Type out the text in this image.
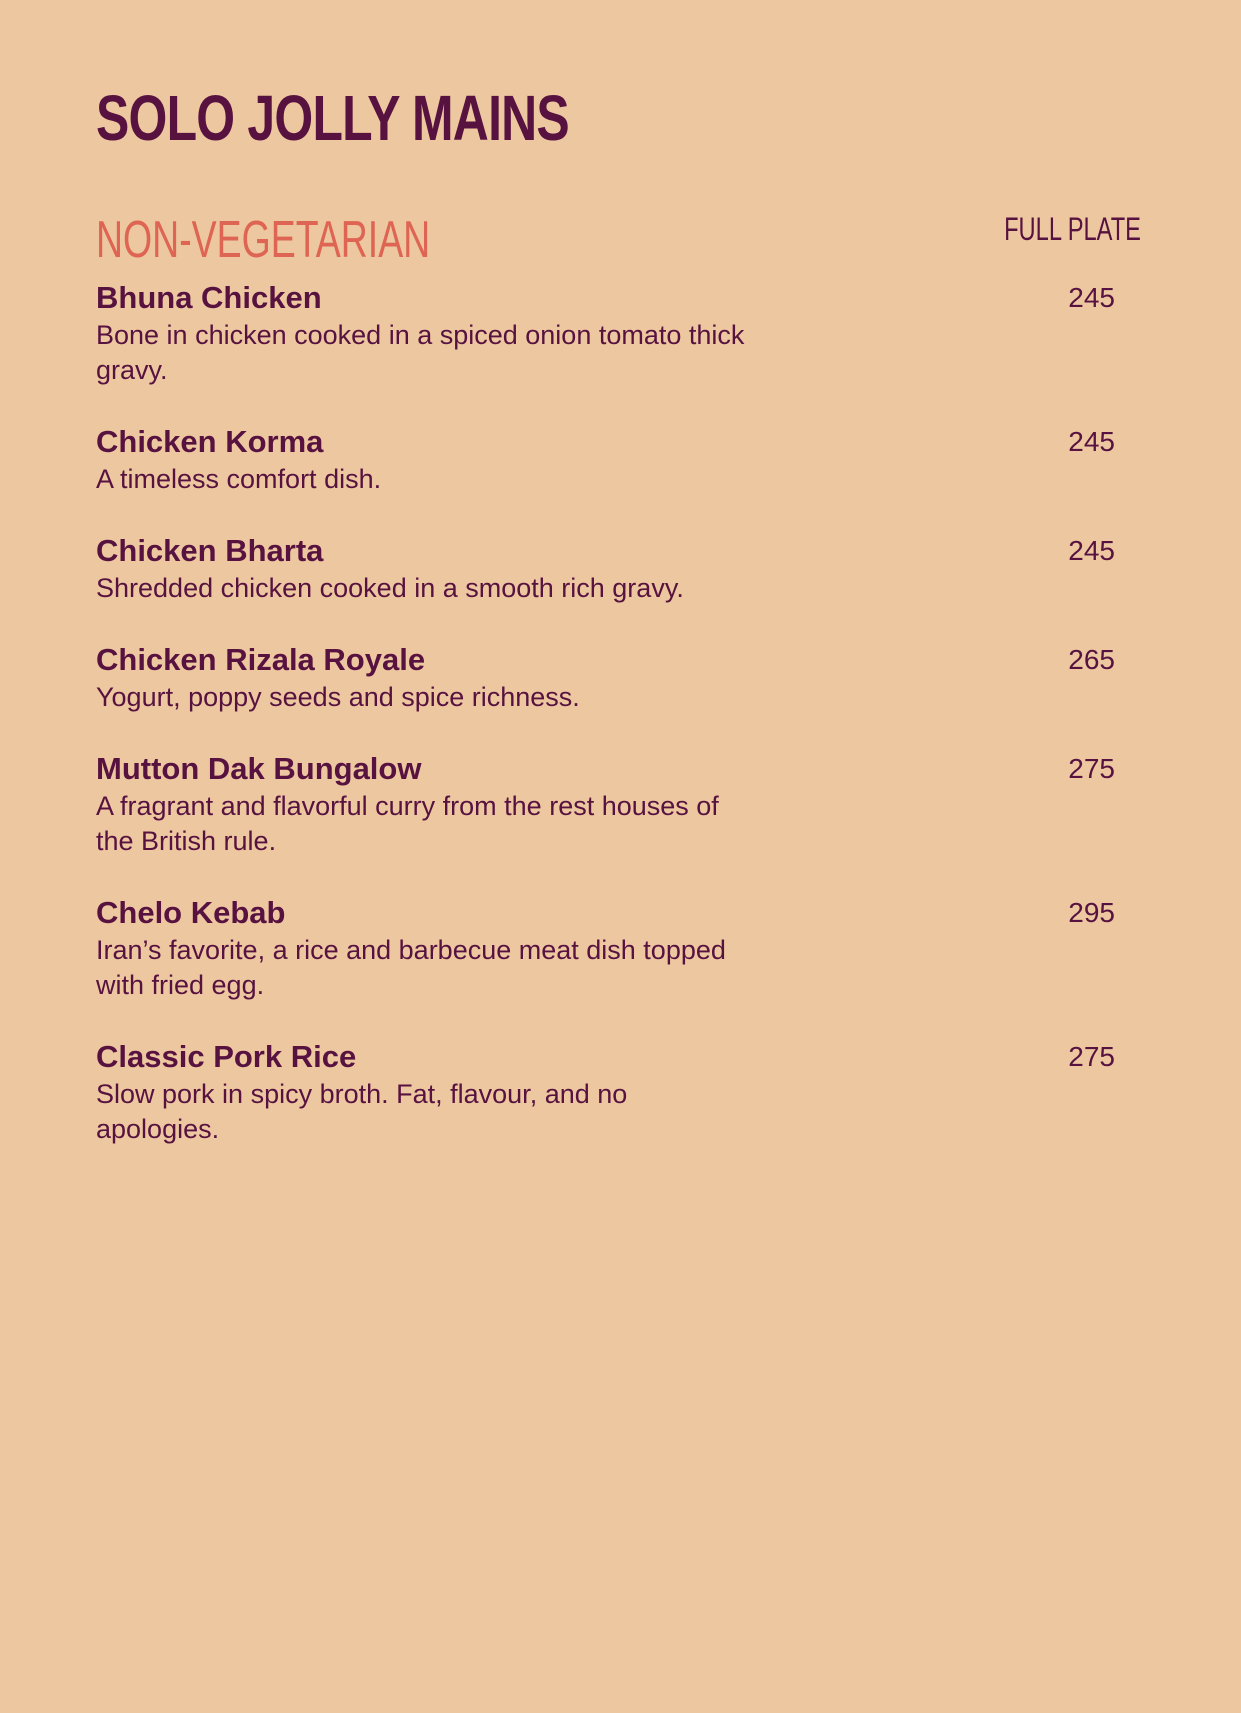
SOLO JOLLY MAINS
NON-VEGETARIAN	FULL PLATE
Bhuna Chicken
Bone in chicken cooked in a spiced onion tomato thick gravy.
245
Chicken Korma
A timeless comfort dish.
245
Chicken Bharta
Shredded chicken cooked in a smooth rich gravy.
245
Chicken Rizala Royale
Yogurt, poppy seeds and spice richness.
265
Mutton Dak Bungalow
A fragrant and flavorful curry from the rest houses of the British rule.
275
Chelo Kebab
Iran’s favorite, a rice and barbecue meat dish topped with fried egg.
295
Classic Pork Rice
Slow pork in spicy broth. Fat, flavour, and no apologies.
275
